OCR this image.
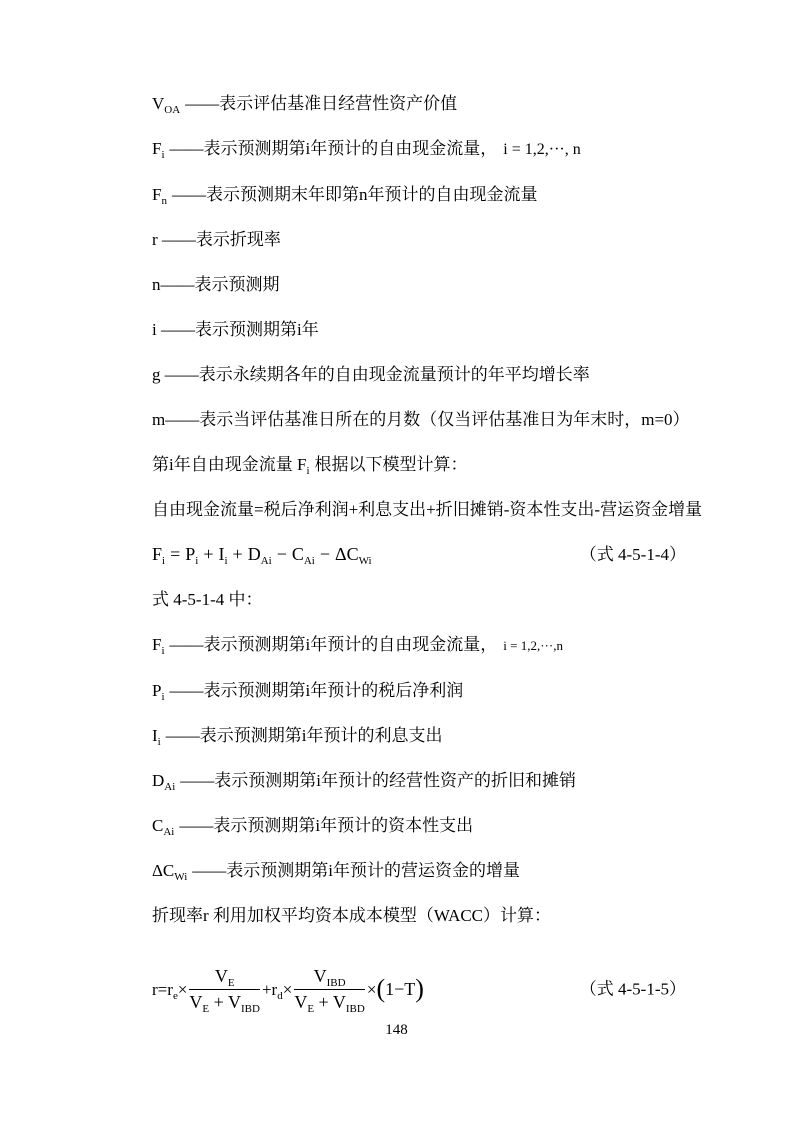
$V_{OA}$ ——表示评估基准日经营性资产价值

$F_i$ ——表示预测期第i年预计的自由现金流量， i = 1,2,···, n

$F_n$ ——表示预测期末年即第n年预计的自由现金流量

r ——表示折现率

n——表示预测期

i ——表示预测期第i年

g ——表示永续期各年的自由现金流量预计的年平均增长率

m——表示当评估基准日所在的月数（仅当评估基准日为年末时，m=0）

第i年自由现金流量 $F_i$ 根据以下模型计算：

自由现金流量=税后净利润+利息支出+折旧摊销-资本性支出-营运资金增量

$F_i = P_i + I_i + D_{Ai} - C_{Ai} - \Delta C_{Wi}$	（式 4-5-1-4）

式 4-5-1-4 中：

$F_i$ ——表示预测期第i年预计的自由现金流量， i = 1,2,···,n

$P_i$ ——表示预测期第i年预计的税后净利润

$I_i$ ——表示预测期第i年预计的利息支出

$D_{Ai}$ ——表示预测期第i年预计的经营性资产的折旧和摊销

$C_{Ai}$ ——表示预测期第i年预计的资本性支出

$\Delta C_{Wi}$ ——表示预测期第i年预计的营运资金的增量

折现率r 利用加权平均资本成本模型（WACC）计算：

$r = r_e \times \frac{V_E}{V_E + V_{IBD}} + r_d \times \frac{V_{IBD}}{V_E + V_{IBD}}$ × ( 1−T )	（式 4-5-1-5）
148
